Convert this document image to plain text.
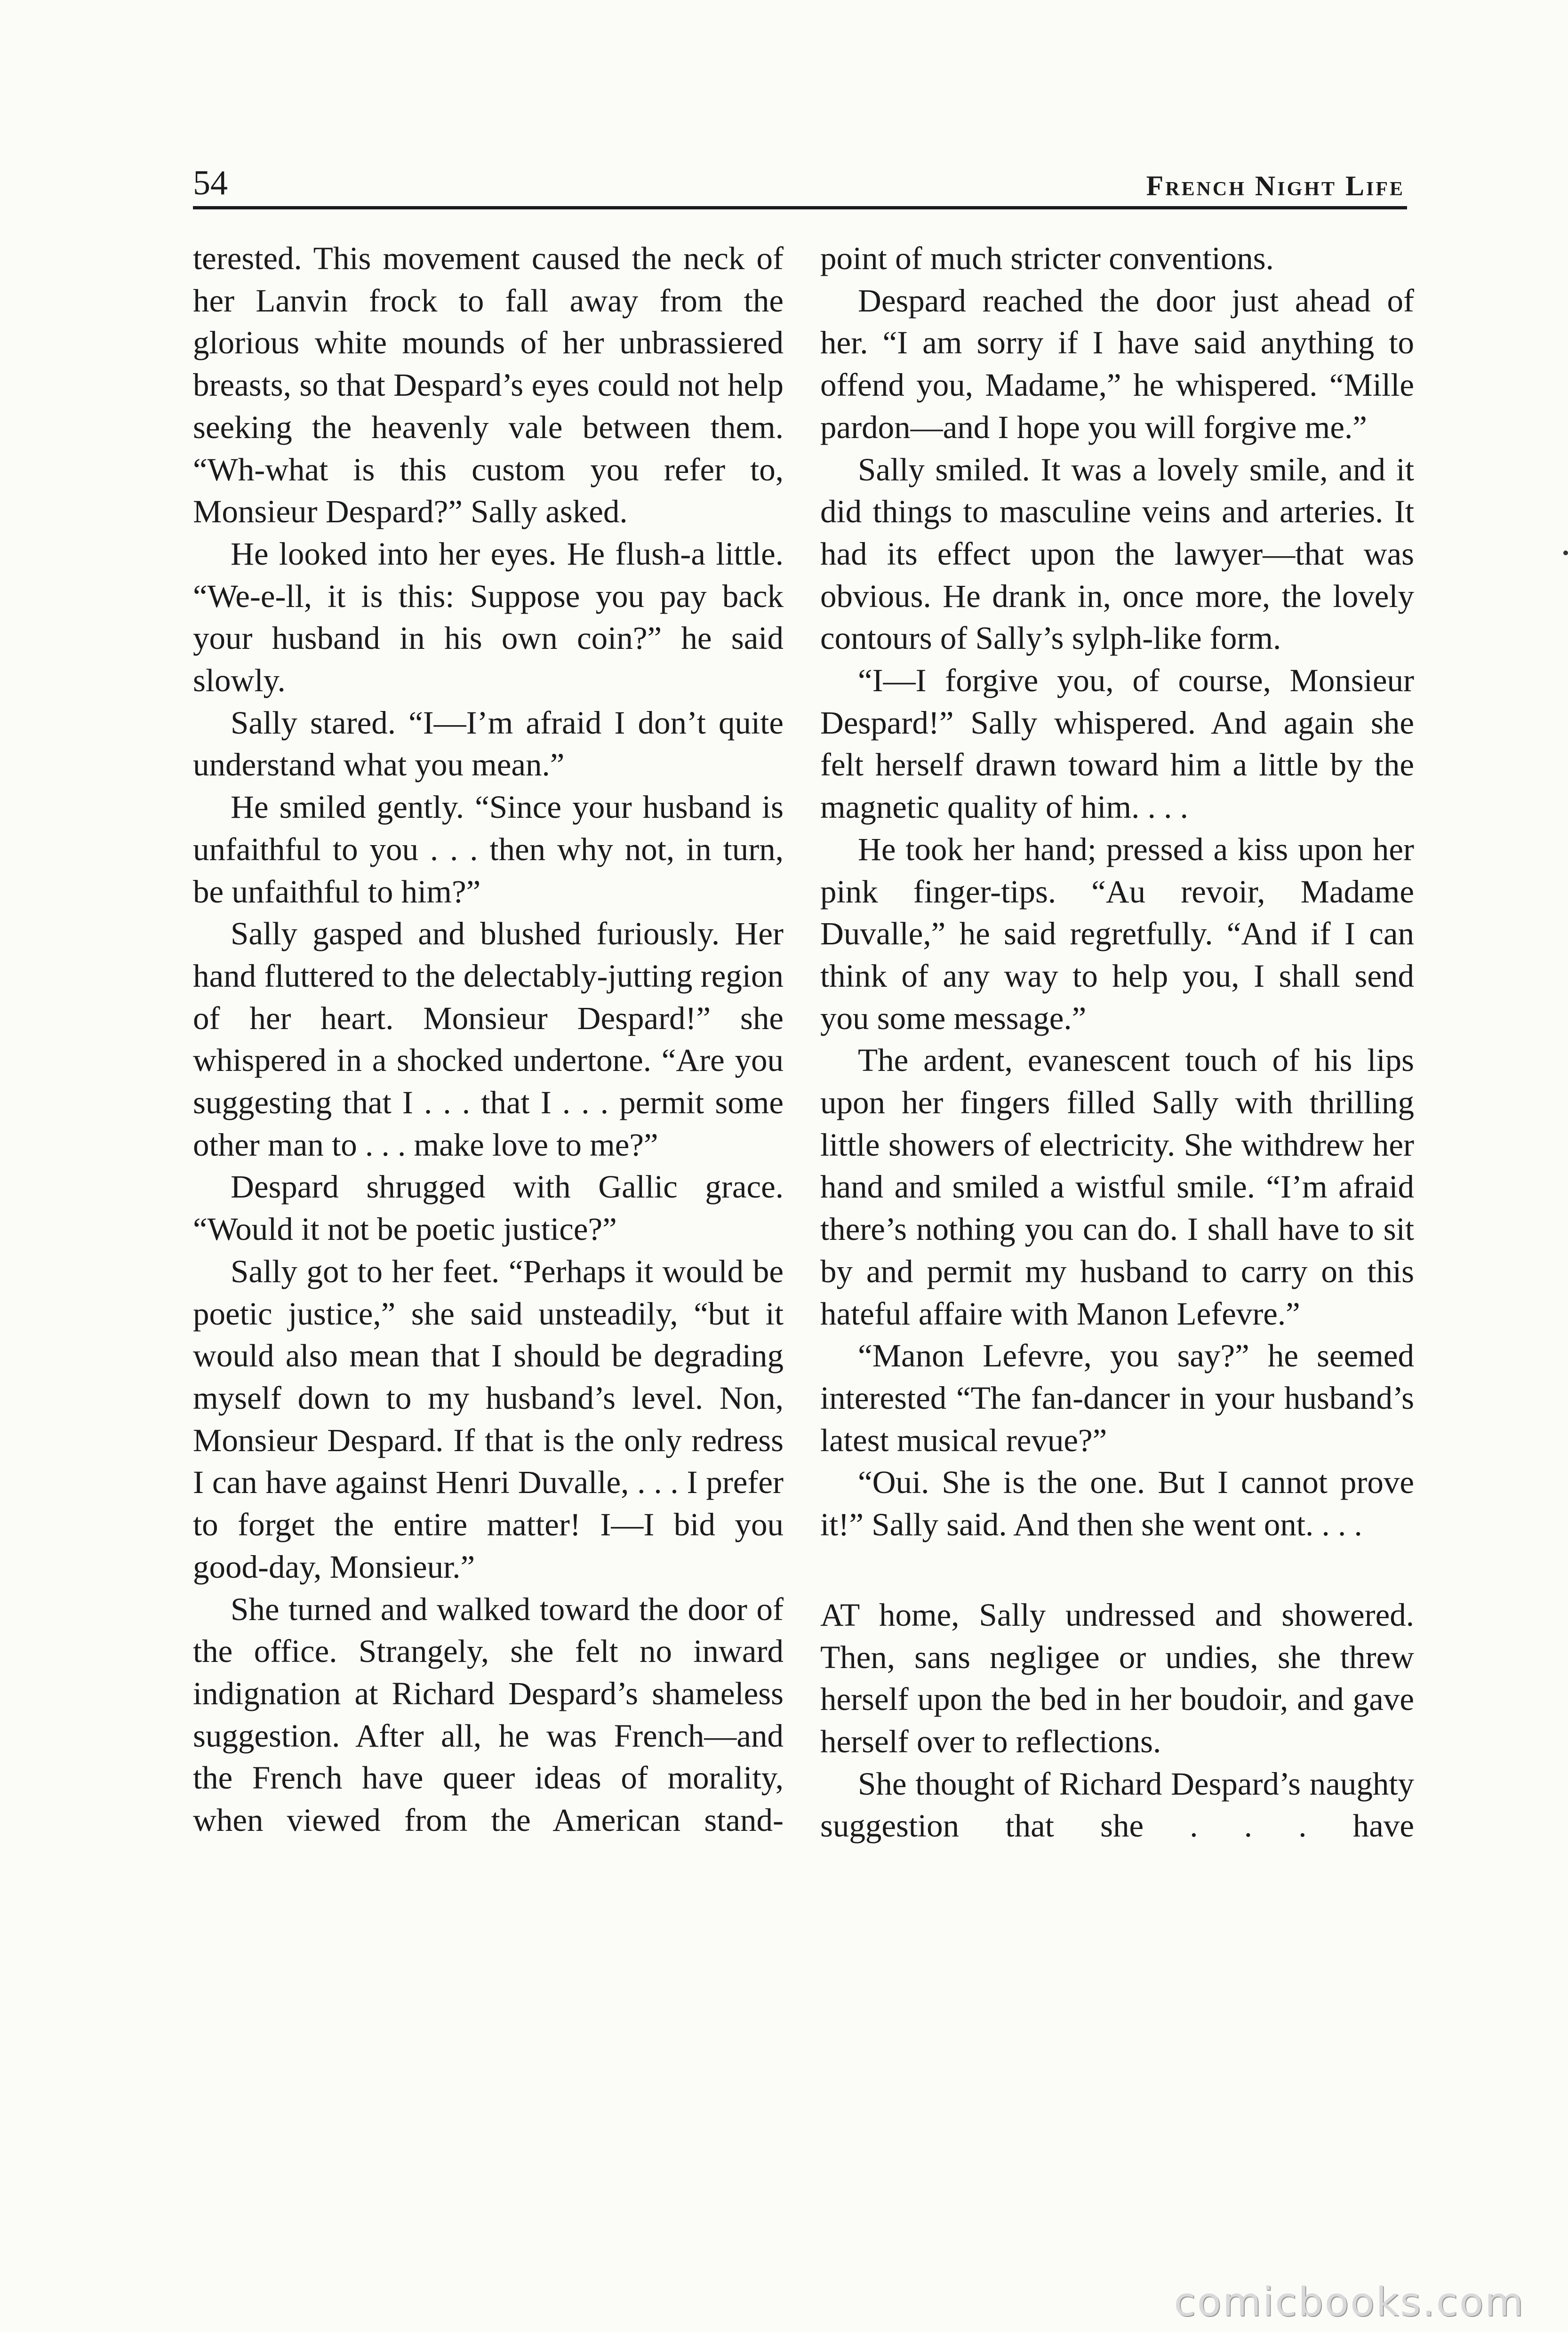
54	French Night Life

terested. This movement caused the neck of her Lanvin frock to fall away from the glorious white mounds of her unbrassiered breasts, so that Despard’s eyes could not help seeking the heavenly vale between them. “Wh-what is this custom you refer to, Monsieur Despard?” Sally asked.

He looked into her eyes. He flush-a little. “We-e-ll, it is this: Suppose you pay back your husband in his own coin?” he said slowly.

Sally stared. “I—I’m afraid I don’t quite understand what you mean.”

He smiled gently. “Since your husband is unfaithful to you . . . then why not, in turn, be unfaithful to him?”

Sally gasped and blushed furiously. Her hand fluttered to the delectably-jutting region of her heart. Monsieur Despard!” she whispered in a shocked undertone. “Are you suggesting that I . . . that I . . . permit some other man to . . . make love to me?”

Despard shrugged with Gallic grace. “Would it not be poetic justice?”

Sally got to her feet. “Perhaps it would be poetic justice,” she said unsteadily, “but it would also mean that I should be degrading myself down to my husband’s level. Non, Monsieur Despard. If that is the only redress I can have against Henri Duvalle, . . . I prefer to forget the entire matter! I—I bid you good-day, Monsieur.”

She turned and walked toward the door of the office. Strangely, she felt no inward indignation at Richard Despard’s shameless suggestion. After all, he was French—and the French have queer ideas of morality, when viewed from the American stand-

point of much stricter conventions.

Despard reached the door just ahead of her. “I am sorry if I have said anything to offend you, Madame,” he whispered. “Mille pardon—and I hope you will forgive me.”

Sally smiled. It was a lovely smile, and it did things to masculine veins and arteries. It had its effect upon the lawyer—that was obvious. He drank in, once more, the lovely contours of Sally’s sylph-like form.

“I—I forgive you, of course, Monsieur Despard!” Sally whispered. And again she felt herself drawn toward him a little by the magnetic quality of him. . . .

He took her hand; pressed a kiss upon her pink finger-tips. “Au revoir, Madame Duvalle,” he said regretfully. “And if I can think of any way to help you, I shall send you some message.”

The ardent, evanescent touch of his lips upon her fingers filled Sally with thrilling little showers of electricity. She withdrew her hand and smiled a wistful smile. “I’m afraid there’s nothing you can do. I shall have to sit by and permit my husband to carry on this hateful affaire with Manon Lefevre.”

“Manon Lefevre, you say?” he seemed interested “The fan-dancer in your husband’s latest musical revue?”

“Oui. She is the one. But I cannot prove it!” Sally said. And then she went ont. . . .

AT home, Sally undressed and showered. Then, sans negligee or undies, she threw herself upon the bed in her boudoir, and gave herself over to reflections.

She thought of Richard Despard’s naughty suggestion that she . . . have

comicbooks.com
